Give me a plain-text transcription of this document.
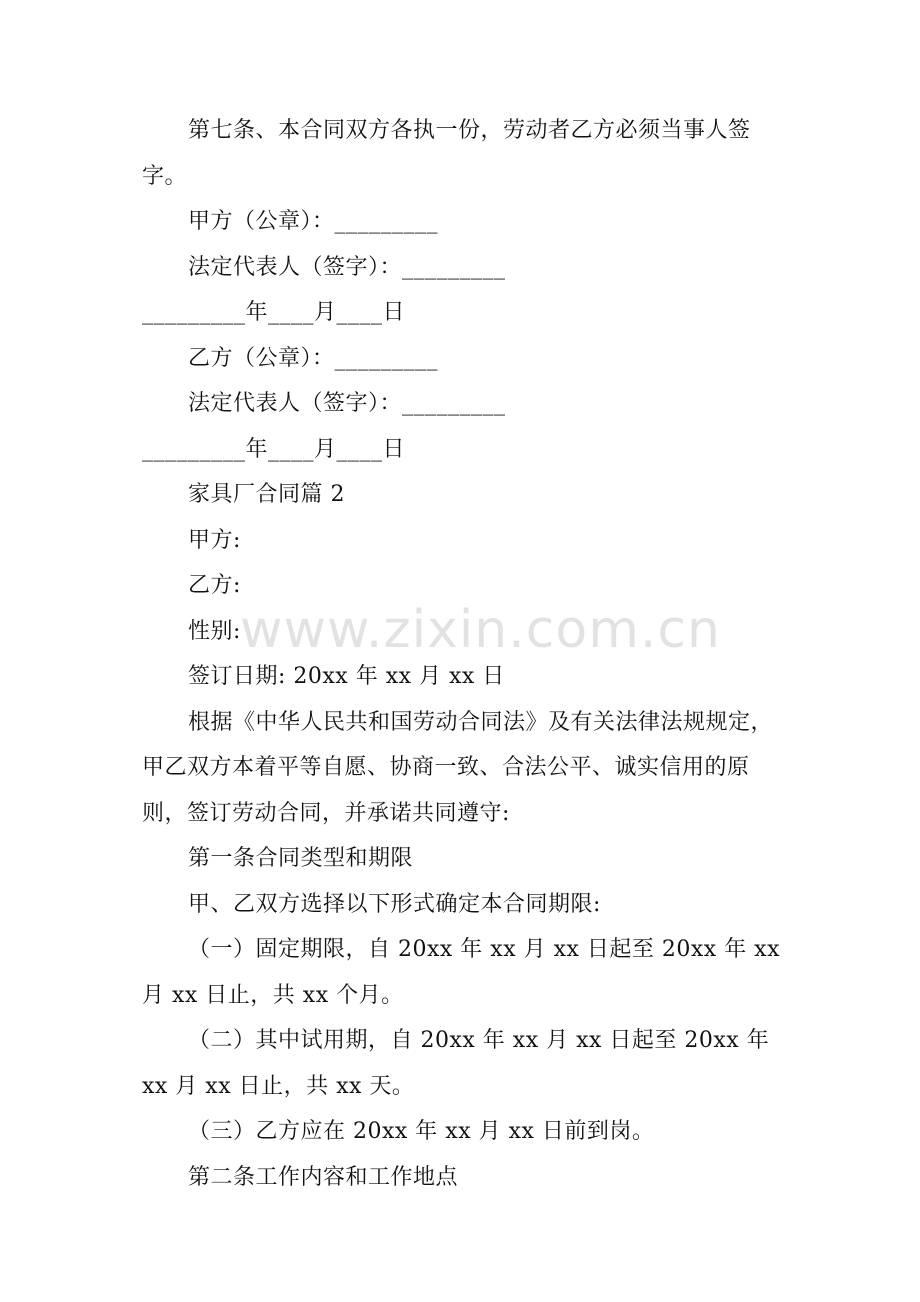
第七条、本合同双方各执一份，劳动者乙方必须当事人签字。

甲方（公章）：_________

法定代表人（签字）：_________

_________年____月____日

乙方（公章）：_________

法定代表人（签字）：_________

_________年____月____日

家具厂合同篇 2

甲方:

乙方:

性别:

签订日期: 20xx 年 xx 月 xx 日

根据《中华人民共和国劳动合同法》及有关法律法规规定，甲乙双方本着平等自愿、协商一致、合法公平、诚实信用的原则，签订劳动合同，并承诺共同遵守:

第一条合同类型和期限

甲、乙双方选择以下形式确定本合同期限:

（一）固定期限，自 20xx 年 xx 月 xx 日起至 20xx 年 xx 月 xx 日止，共 xx 个月。

（二）其中试用期，自 20xx 年 xx 月 xx 日起至 20xx 年 xx 月 xx 日止，共 xx 天。

（三）乙方应在 20xx 年 xx 月 xx 日前到岗。

第二条工作内容和工作地点

www.zixin.com.cn
